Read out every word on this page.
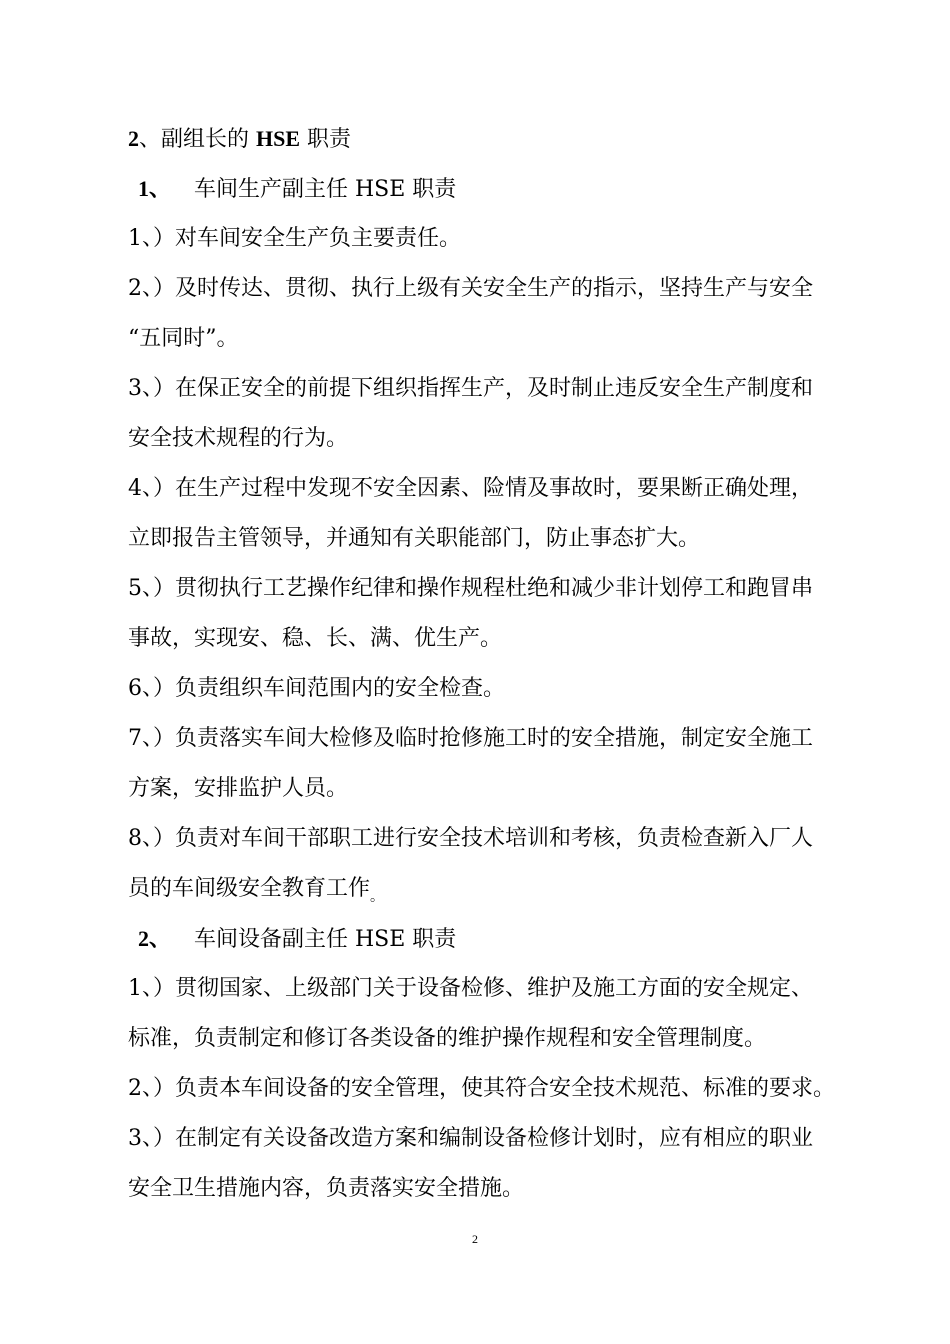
2、副组长的 HSE 职责
1、 车间生产副主任 HSE 职责
1、）对车间安全生产负主要责任。
2、）及时传达、贯彻、执行上级有关安全生产的指示，坚持生产与安全
“五同时”。
3、）在保正安全的前提下组织指挥生产，及时制止违反安全生产制度和
安全技术规程的行为。
4、）在生产过程中发现不安全因素、险情及事故时，要果断正确处理，
立即报告主管领导，并通知有关职能部门，防止事态扩大。
5、）贯彻执行工艺操作纪律和操作规程杜绝和减少非计划停工和跑冒串
事故，实现安、稳、长、满、优生产。
6、）负责组织车间范围内的安全检查。
7、）负责落实车间大检修及临时抢修施工时的安全措施，制定安全施工
方案，安排监护人员。
8、）负责对车间干部职工进行安全技术培训和考核，负责检查新入厂人
员的车间级安全教育工作$_。$
2、 车间设备副主任 HSE 职责
1、）贯彻国家、上级部门关于设备检修、维护及施工方面的安全规定、
标准，负责制定和修订各类设备的维护操作规程和安全管理制度。
2、）负责本车间设备的安全管理，使其符合安全技术规范、标准的要求。
3、）在制定有关设备改造方案和编制设备检修计划时，应有相应的职业
安全卫生措施内容，负责落实安全措施。
2
